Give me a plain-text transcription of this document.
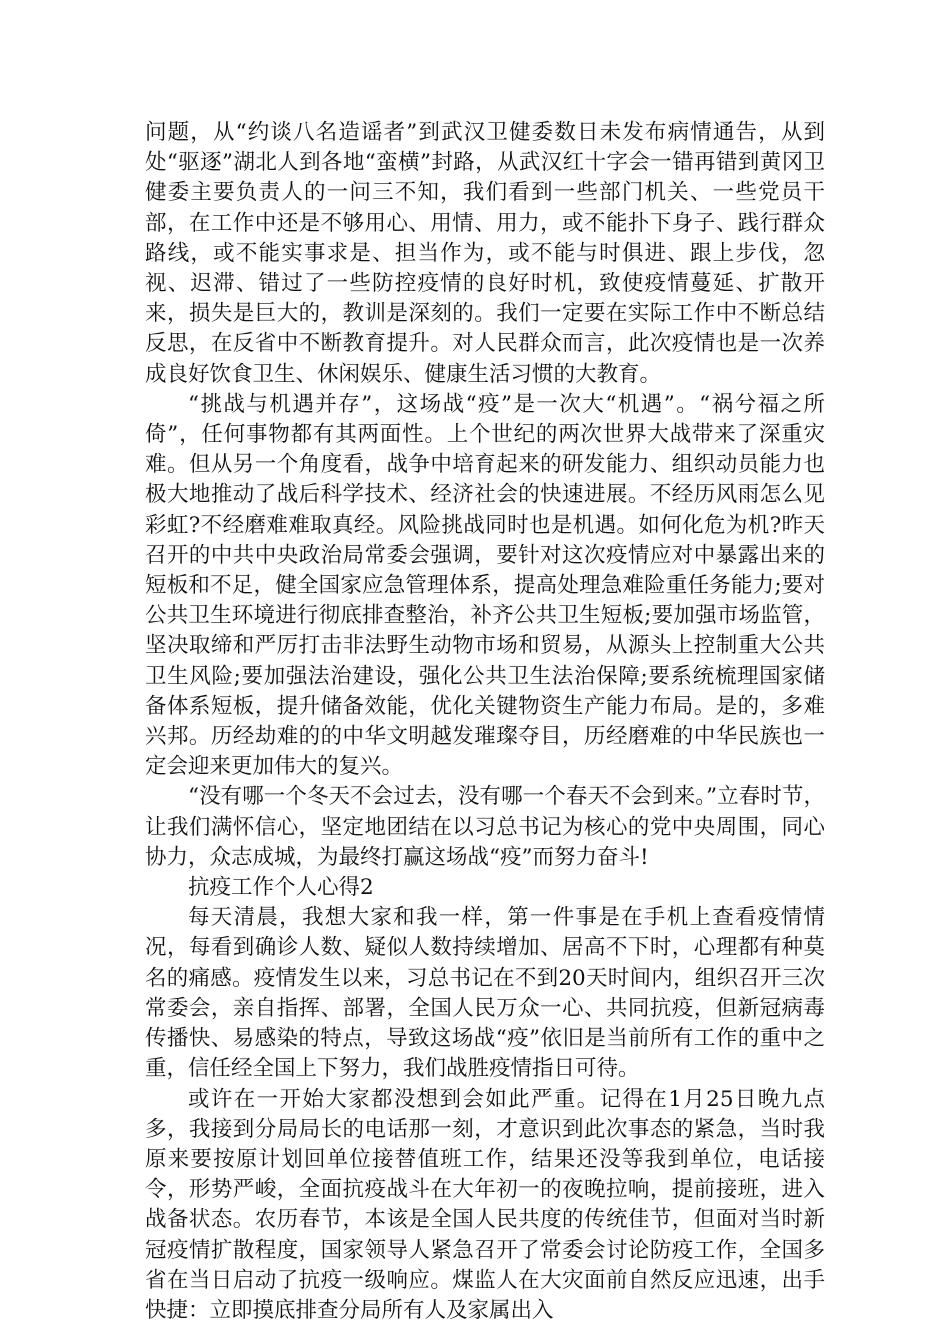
问题，从“约谈八名造谣者”到武汉卫健委数日未发布病情通告，从到处“驱逐”湖北人到各地“蛮横”封路，从武汉红十字会一错再错到黄冈卫健委主要负责人的一问三不知，我们看到一些部门机关、一些党员干部，在工作中还是不够用心、用情、用力，或不能扑下身子、践行群众路线，或不能实事求是、担当作为，或不能与时俱进、跟上步伐，忽视、迟滞、错过了一些防控疫情的良好时机，致使疫情蔓延、扩散开来，损失是巨大的，教训是深刻的。我们一定要在实际工作中不断总结反思，在反省中不断教育提升。对人民群众而言，此次疫情也是一次养成良好饮食卫生、休闲娱乐、健康生活习惯的大教育。

“挑战与机遇并存”，这场战“疫”是一次大“机遇”。“祸兮福之所倚”，任何事物都有其两面性。上个世纪的两次世界大战带来了深重灾难。但从另一个角度看，战争中培育起来的研发能力、组织动员能力也极大地推动了战后科学技术、经济社会的快速进展。不经历风雨怎么见彩虹?不经磨难难取真经。风险挑战同时也是机遇。如何化危为机?昨天召开的中共中央政治局常委会强调，要针对这次疫情应对中暴露出来的短板和不足，健全国家应急管理体系，提高处理急难险重任务能力;要对公共卫生环境进行彻底排查整治，补齐公共卫生短板;要加强市场监管，坚决取缔和严厉打击非法野生动物市场和贸易，从源头上控制重大公共卫生风险;要加强法治建设，强化公共卫生法治保障;要系统梳理国家储备体系短板，提升储备效能，优化关键物资生产能力布局。是的，多难兴邦。历经劫难的的中华文明越发璀璨夺目，历经磨难的中华民族也一定会迎来更加伟大的复兴。

“没有哪一个冬天不会过去，没有哪一个春天不会到来。”立春时节，让我们满怀信心，坚定地团结在以习总书记为核心的党中央周围，同心协力，众志成城，为最终打赢这场战“疫”而努力奋斗!

抗疫工作个人心得2

每天清晨，我想大家和我一样，第一件事是在手机上查看疫情情况，每看到确诊人数、疑似人数持续增加、居高不下时，心理都有种莫名的痛感。疫情发生以来，习总书记在不到20天时间内，组织召开三次常委会，亲自指挥、部署，全国人民万众一心、共同抗疫，但新冠病毒传播快、易感染的特点，导致这场战“疫”依旧是当前所有工作的重中之重，信任经全国上下努力，我们战胜疫情指日可待。

或许在一开始大家都没想到会如此严重。记得在1月25日晚九点多，我接到分局局长的电话那一刻，才意识到此次事态的紧急，当时我原来要按原计划回单位接替值班工作，结果还没等我到单位，电话接令，形势严峻，全面抗疫战斗在大年初一的夜晚拉响，提前接班，进入战备状态。农历春节，本该是全国人民共度的传统佳节，但面对当时新冠疫情扩散程度，国家领导人紧急召开了常委会讨论防疫工作，全国多省在当日启动了抗疫一级响应。煤监人在大灾面前自然反应迅速，出手快捷：立即摸底排查分局所有人及家属出入
